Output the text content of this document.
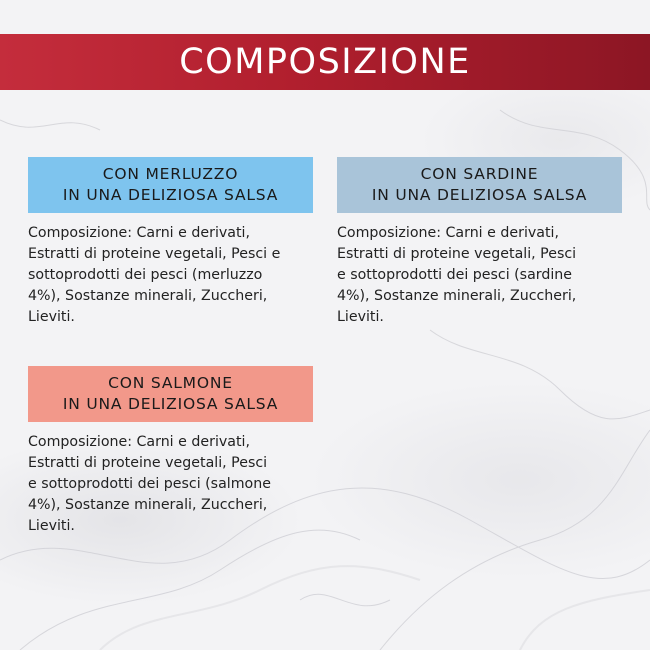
COMPOSIZIONE
CON MERLUZZO
IN UNA DELIZIOSA SALSA
Composizione: Carni e derivati,
Estratti di proteine vegetali, Pesci e
sottoprodotti dei pesci (merluzzo
4%), Sostanze minerali, Zuccheri,
Lieviti.
CON SARDINE
IN UNA DELIZIOSA SALSA
Composizione: Carni e derivati,
Estratti di proteine vegetali, Pesci
e sottoprodotti dei pesci (sardine
4%), Sostanze minerali, Zuccheri,
Lieviti.
CON SALMONE
IN UNA DELIZIOSA SALSA
Composizione: Carni e derivati,
Estratti di proteine vegetali, Pesci
e sottoprodotti dei pesci (salmone
4%), Sostanze minerali, Zuccheri,
Lieviti.
